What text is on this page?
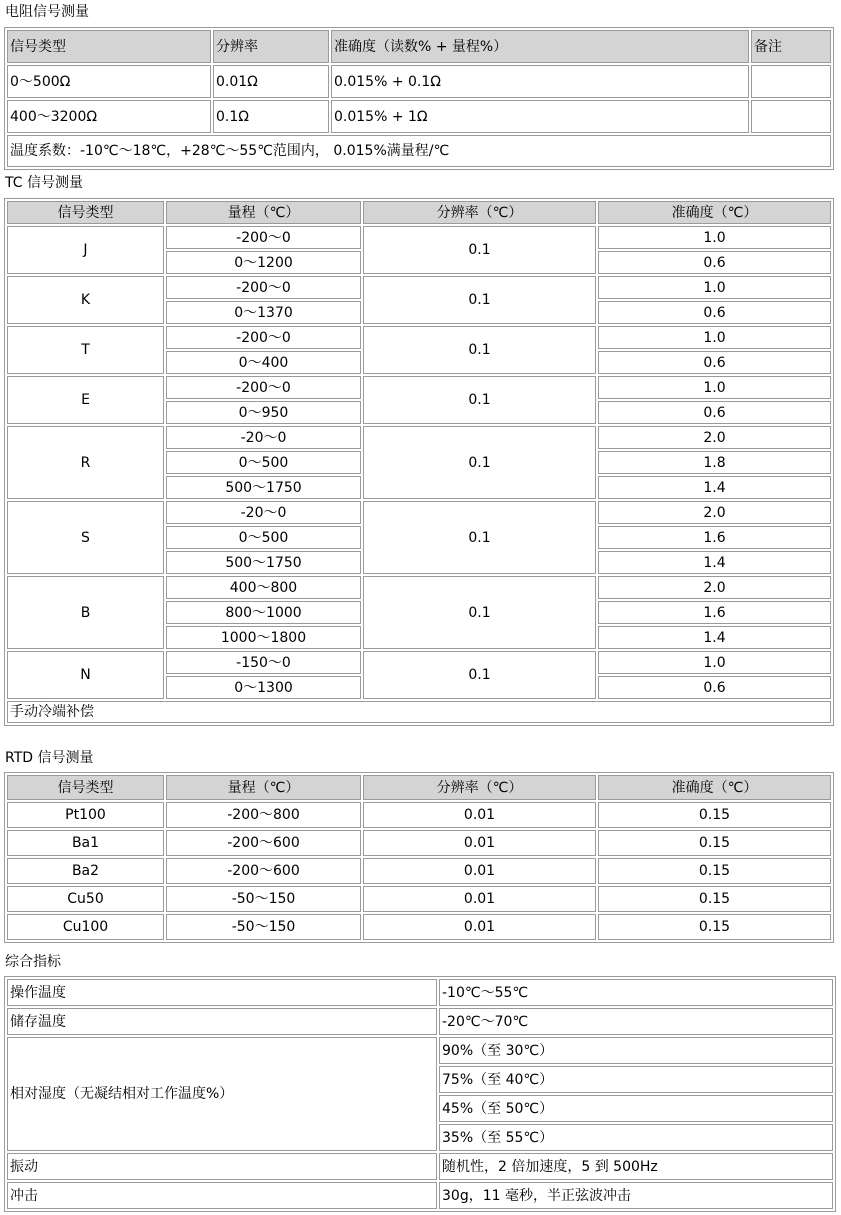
电阻信号测量
信号类型	分辨率	准确度（读数% + 量程%）	备注
0～500Ω	0.01Ω	0.015% + 0.1Ω	
400～3200Ω	0.1Ω	0.015% + 1Ω	
温度系数：-10℃～18℃，+28℃～55℃范围内， 0.015%满量程/℃			
TC 信号测量
信号类型	量程（℃）	分辨率（℃）	准确度（℃）
J	-200～0	0.1	1.0
	0～1200		0.6
K	-200～0	0.1	1.0
	0～1370		0.6
T	-200～0	0.1	1.0
	0～400		0.6
E	-200～0	0.1	1.0
	0～950		0.6
R	-20～0	0.1	2.0
	0～500		1.8
	500～1750		1.4
S	-20～0	0.1	2.0
	0～500		1.6
	500～1750		1.4
B	400～800	0.1	2.0
	800～1000		1.6
	1000～1800		1.4
N	-150～0	0.1	1.0
	0～1300		0.6
手动冷端补偿			
RTD 信号测量
信号类型	量程（℃）	分辨率（℃）	准确度（℃）
Pt100	-200～800	0.01	0.15
Ba1	-200～600	0.01	0.15
Ba2	-200～600	0.01	0.15
Cu50	-50～150	0.01	0.15
Cu100	-50～150	0.01	0.15
综合指标
操作温度	-10℃～55℃
储存温度	-20℃～70℃
相对湿度（无凝结相对工作温度%）	90%（至 30℃）
	75%（至 40℃）
	45%（至 50℃）
	35%（至 55℃）
振动	随机性，2 倍加速度，5 到 500Hz
冲击	30g，11 毫秒，半正弦波冲击
